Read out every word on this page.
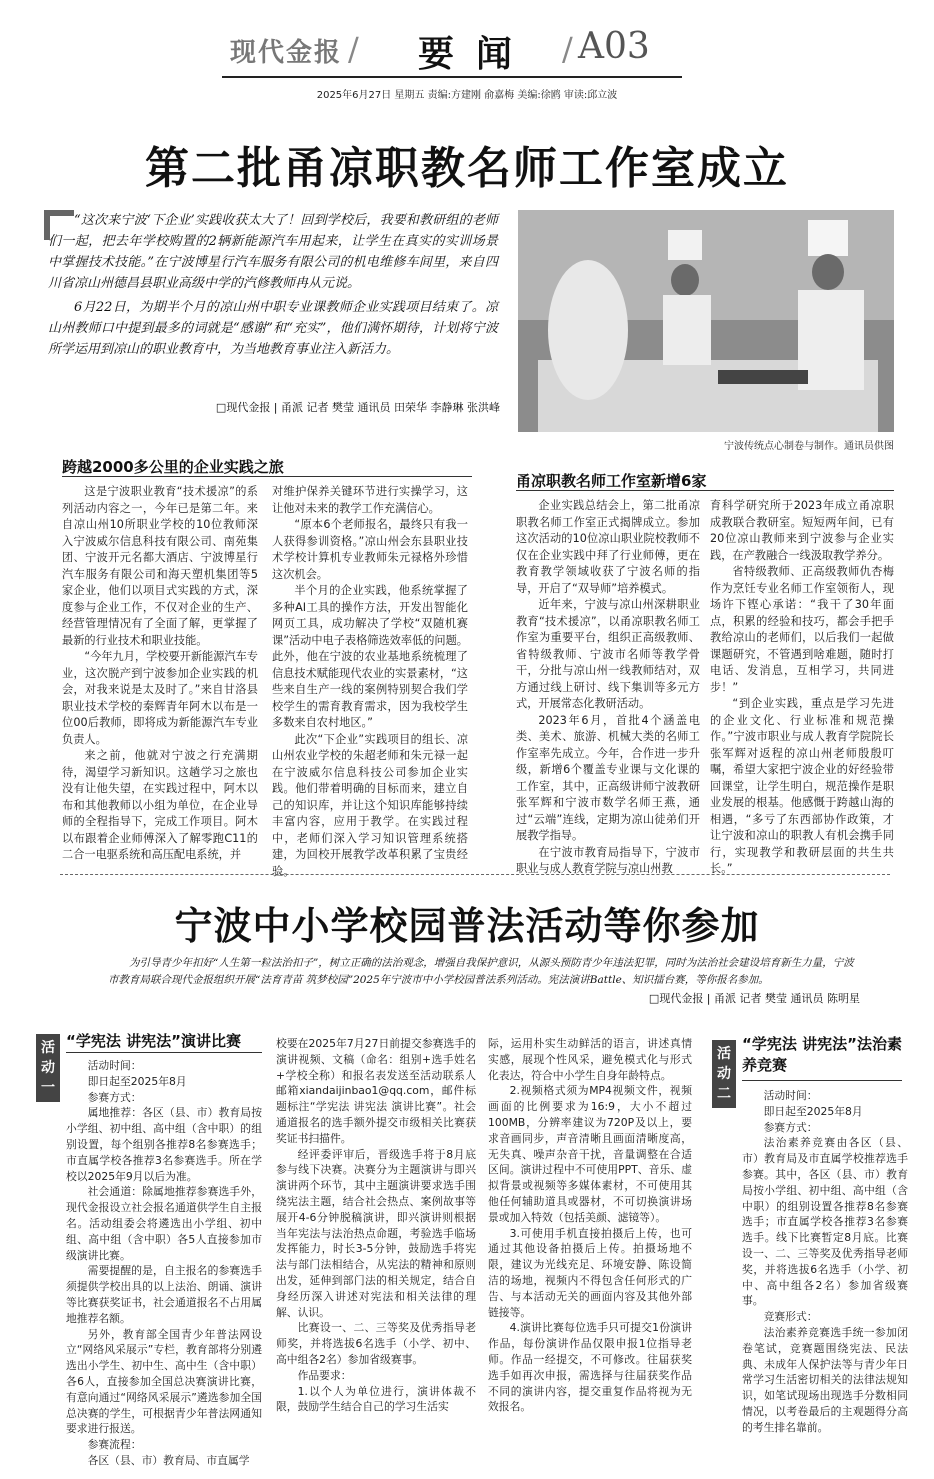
现代金报 / 要闻 / A03
2025年6月27日 星期五 责编:方建刚 俞嘉梅 美编:徐鸥 审读:邱立波
第二批甬凉职教名师工作室成立

“这次来宁波‘下企业’实践收获太大了！回到学校后，我要和教研组的老师们一起，把去年学校购置的2辆新能源汽车用起来，让学生在真实的实训场景中掌握技术技能。”在宁波博星行汽车服务有限公司的机电维修车间里，来自四川省凉山州德昌县职业高级中学的汽修教师冉从元说。

6月22日，为期半个月的凉山州中职专业课教师企业实践项目结束了。凉山州教师口中提到最多的词就是“感谢”和“充实”，他们满怀期待，计划将宁波所学运用到凉山的职业教育中，为当地教育事业注入新活力。

□现代金报 | 甬派 记者 樊莹 通讯员 田荣华 李静琳 张洪峰
宁波传统点心制卷与制作。通讯员供图
跨越2000多公里的企业实践之旅

这是宁波职业教育“技术援凉”的系列活动内容之一，今年已是第二年。来自凉山州10所职业学校的10位教师深入宁波威尔信息科技有限公司、南苑集团、宁波开元名都大酒店、宁波博星行汽车服务有限公司和海天塑机集团等5家企业，他们以项目式实践的方式，深度参与企业工作，不仅对企业的生产、经营管理情况有了全面了解，更掌握了最新的行业技术和职业技能。

“今年九月，学校要开新能源汽车专业，这次脱产到宁波参加企业实践的机会，对我来说是太及时了。”来自甘洛县职业技术学校的秦辉青年阿木以布是一位00后教师，即将成为新能源汽车专业负责人。

来之前，他就对宁波之行充满期待，渴望学习新知识。这趟学习之旅也没有让他失望，在实践过程中，阿木以布和其他教师以小组为单位，在企业导师的全程指导下，完成工作项目。阿木以布跟着企业师傅深入了解零跑C11的二合一电驱系统和高压配电系统，并

对维护保养关键环节进行实操学习，这让他对未来的教学工作充满信心。

“原本6个老师报名，最终只有我一人获得参训资格。”凉山州会东县职业技术学校计算机专业教师朱元禄格外珍惜这次机会。

半个月的企业实践，他系统掌握了多种AI工具的操作方法，开发出智能化网页工具，成功解决了学校“双随机赛课”活动中电子表格筛选效率低的问题。此外，他在宁波的农业基地系统梳理了信息技术赋能现代农业的实景素材，“这些来自生产一线的案例特别契合我们学校学生的需育教育需求，因为我校学生多数来自农村地区。”

此次“下企业”实践项目的组长、凉山州农业学校的朱超老师和朱元禄一起在宁波威尔信息科技公司参加企业实践。他们带着明确的目标而来，建立自己的知识库，并让这个知识库能够持续丰富内容，应用于教学。在实践过程中，老师们深入学习知识管理系统搭建，为回校开展教学改革积累了宝贵经验。

甬凉职教名师工作室新增6家

企业实践总结会上，第二批甬凉职教名师工作室正式揭牌成立。参加这次活动的10位凉山职业院校教师不仅在企业实践中拜了行业师傅，更在教育教学领域收获了宁波名师的指导，开启了“双导师”培养模式。

近年来，宁波与凉山州深耕职业教育“技术援凉”，以甬凉职教名师工作室为重要平台，组织正高级教师、省特级教师、宁波市名师等教学骨干，分批与凉山州一线教师结对，双方通过线上研讨、线下集训等多元方式，开展常态化教研活动。

2023年6月，首批4个涵盖电类、美术、旅游、机械大类的名师工作室率先成立。今年，合作进一步升级，新增6个覆盖专业课与文化课的工作室，其中，正高级讲师宁波教研张军辉和宁波市数学名师王燕，通过“云端”连线，定期为凉山徒弟们开展教学指导。

在宁波市教育局指导下，宁波市职业与成人教育学院与凉山州教

育科学研究所于2023年成立甬凉职成教联合教研室。短短两年间，已有20位凉山教师来到宁波参与企业实践，在产教融合一线汲取教学养分。

省特级教师、正高级教师仇杏梅作为烹饪专业名师工作室领衔人，现场许下铿心承诺：“我干了30年面点，积累的经验和技巧，都会手把手教给凉山的老师们，以后我们一起做课题研究，不管遇到啥难题，随时打电话、发消息，互相学习，共同进步！”

“到企业实践，重点是学习先进的企业文化、行业标准和规范操作。”宁波市职业与成人教育学院院长张军辉对返程的凉山州老师殷殷叮嘱，希望大家把宁波企业的好经验带回课堂，让学生明白，规范操作是职业发展的根基。他感慨于跨越山海的相遇，“多亏了东西部协作政策，才让宁波和凉山的职教人有机会携手同行，实现教学和教研层面的共生共长。”

宁波中小学校园普法活动等你参加

为引导青少年扣好“人生第一粒法治扣子”，树立正确的法治观念，增强自我保护意识，从源头预防青少年违法犯罪，同时为法治社会建设培育新生力量，宁波市教育局联合现代金报组织开展“法育青苗 筑梦校园”2025年宁波市中小学校园普法系列活动。宪法演讲Battle、知识擂台赛，等你报名参加。

□现代金报 | 甬派 记者 樊莹 通讯员 陈明星
活动一
“学宪法 讲宪法”演讲比赛
活动时间：
即日起至2025年8月
参赛方式：

属地推荐：各区（县、市）教育局按小学组、初中组、高中组（含中职）的组别设置，每个组别各推荐8名参赛选手；市直属学校各推荐3名参赛选手。所在学校以2025年9月以后为准。

社会通道：除属地推荐参赛选手外，现代金报设立社会报名通道供学生自主报名。活动组委会将遴选出小学组、初中组、高中组（含中职）各5人直接参加市级演讲比赛。

需要提醒的是，自主报名的参赛选手须提供学校出具的以上法治、朗诵、演讲等比赛获奖证书，社会通道报名不占用属地推荐名额。

另外，教育部全国青少年普法网设立“网络风采展示”专栏，教育部将分别遴选出小学生、初中生、高中生（含中职）各6人，直接参加全国总决赛演讲比赛，有意向通过“网络风采展示”遴选参加全国总决赛的学生，可根据青少年普法网通知要求进行报送。

参赛流程：

各区（县、市）教育局、市直属学

校要在2025年7月27日前提交参赛选手的演讲视频、文稿（命名：组别+选手姓名+学校全称）和报名表发送至活动联系人邮箱xiandaijinbao1@qq.com，邮件标题标注“学宪法 讲宪法 演讲比赛”。社会通道报名的选手额外提交市级相关比赛获奖证书扫描件。

经评委评审后，晋级选手将于8月底参与线下决赛。决赛分为主题演讲与即兴演讲两个环节，其中主题演讲要求选手围绕宪法主题，结合社会热点、案例故事等展开4-6分钟脱稿演讲，即兴演讲则根据当年宪法与法治热点命题，考验选手临场发挥能力，时长3-5分钟，鼓励选手将宪法与部门法相结合，从宪法的精神和原则出发，延伸到部门法的相关规定，结合自身经历深入讲述对宪法和相关法律的理解、认识。

比赛设一、二、三等奖及优秀指导老师奖，并将选拔6名选手（小学、初中、高中组各2名）参加省级赛事。

作品要求：

1.以个人为单位进行，演讲体裁不限，鼓励学生结合自己的学习生活实

际，运用朴实生动鲜活的语言，讲述真情实感，展现个性风采，避免模式化与形式化表达，符合中小学生自身年龄特点。

2.视频格式须为MP4视频文件，视频画面的比例要求为16:9，大小不超过100MB，分辨率建议为720P及以上，要求音画同步，声音清晰且画面清晰度高，无失真、噪声杂音干扰，音量调整在合适区间。演讲过程中不可使用PPT、音乐、虚拟背景或视频等多媒体素材，不可使用其他任何辅助道具或器材，不可切换演讲场景或加入特效（包括美颜、滤镜等）。

3.可使用手机直接拍摄后上传，也可通过其他设备拍摄后上传。拍摄场地不限，建议为光线充足、环境安静、陈设简洁的场地，视频内不得包含任何形式的广告、与本活动无关的画面内容及其他外部链接等。

4.演讲比赛每位选手只可提交1份演讲作品，每份演讲作品仅限申报1位指导老师。作品一经提交，不可修改。往届获奖选手如再次申报，需选择与往届获奖作品不同的演讲内容，提交重复作品将视为无效报名。

活动二
“学宪法 讲宪法”法治素养竞赛
活动时间：
即日起至2025年8月
参赛方式：

法治素养竞赛由各区（县、市）教育局及市直属学校推荐选手参赛。其中，各区（县、市）教育局按小学组、初中组、高中组（含中职）的组别设置各推荐8名参赛选手；市直属学校各推荐3名参赛选手。线下比赛暂定8月底。比赛设一、二、三等奖及优秀指导老师奖，并将选拔6名选手（小学、初中、高中组各2名）参加省级赛事。

竞赛形式：

法治素养竞赛选手统一参加闭卷笔试，竞赛题围绕宪法、民法典、未成年人保护法等与青少年日常学习生活密切相关的法律法规知识，如笔试现场出现选手分数相同情况，以考卷最后的主观题得分高的考生排名靠前。
